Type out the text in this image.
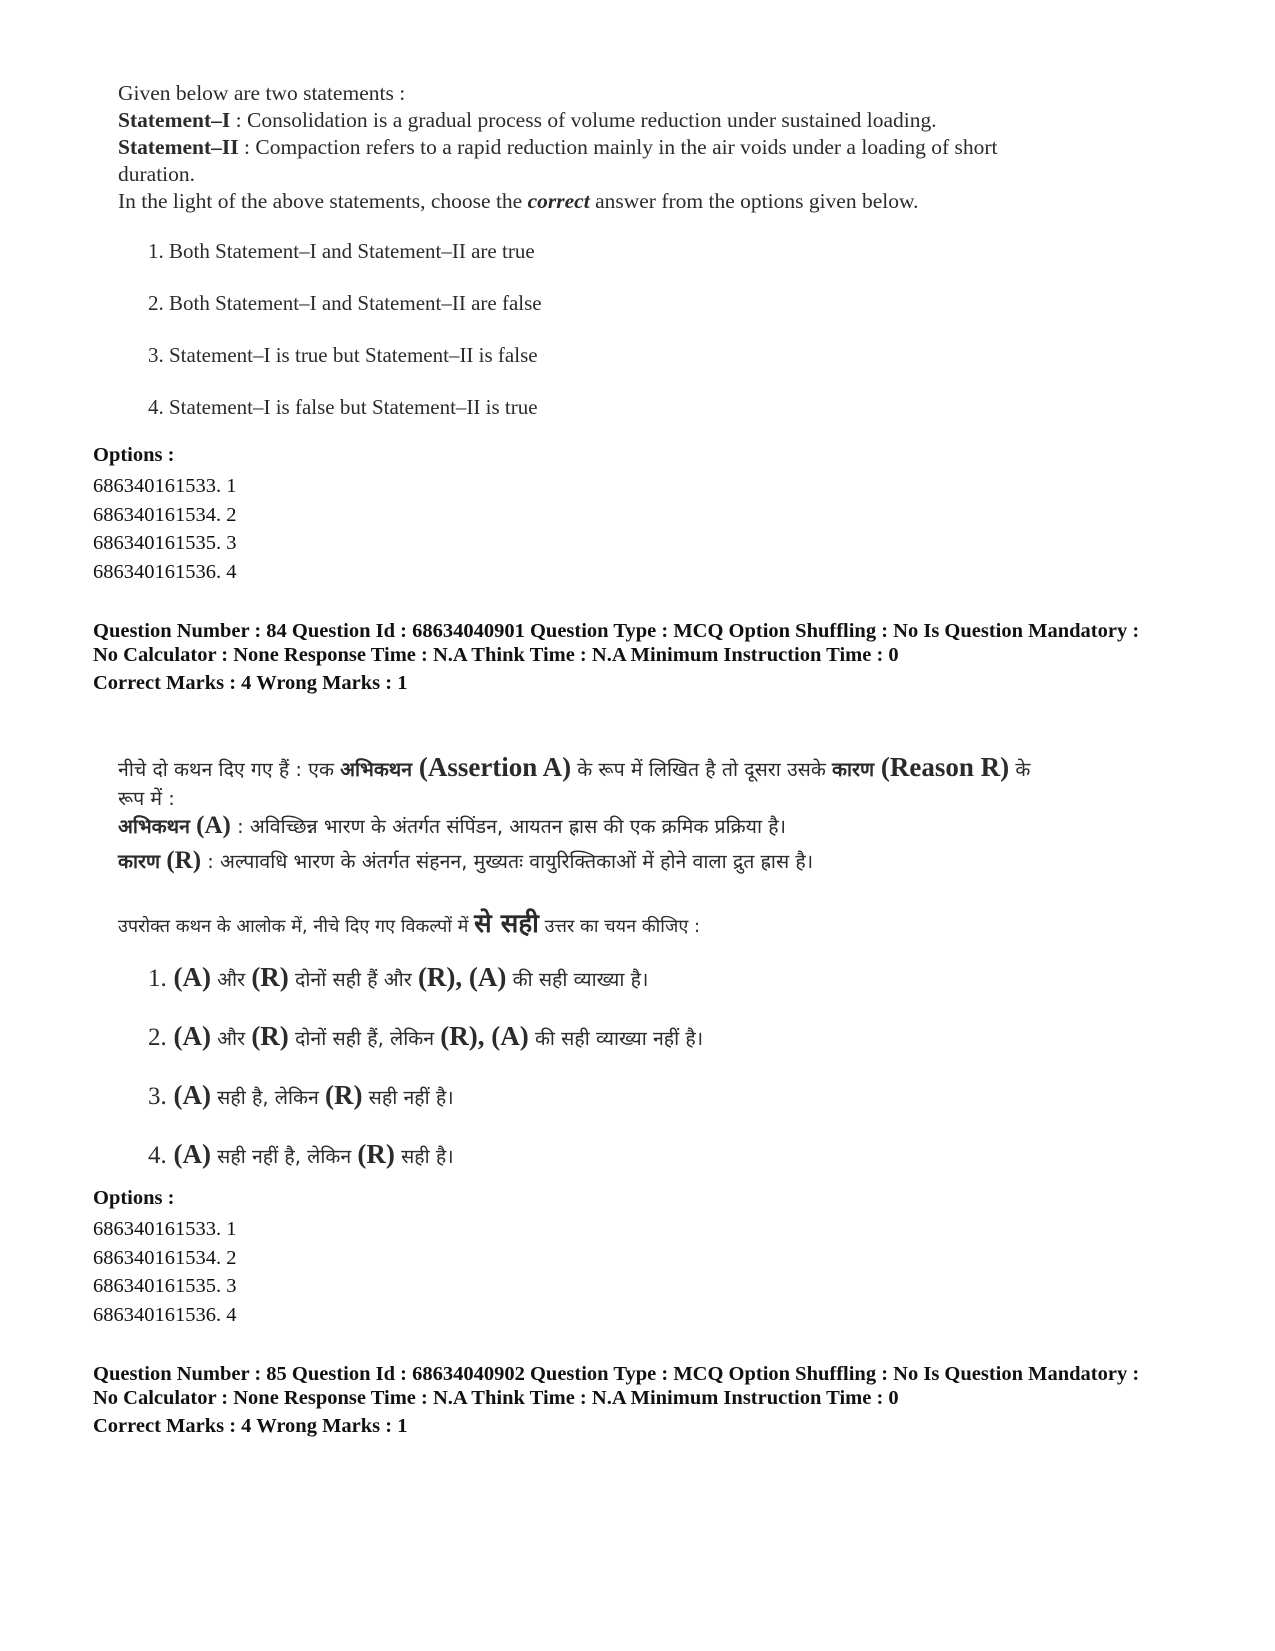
Given below are two statements :

Statement–I : Consolidation is a gradual process of volume reduction under sustained loading.

Statement–II : Compaction refers to a rapid reduction mainly in the air voids under a loading of short

duration.

In the light of the above statements, choose the correct answer from the options given below.

1. Both Statement–I and Statement–II are true
2. Both Statement–I and Statement–II are false
3. Statement–I is true but Statement–II is false
4. Statement–I is false but Statement–II is true
Options :
686340161533. 1
686340161534. 2
686340161535. 3
686340161536. 4
Question Number : 84 Question Id : 68634040901 Question Type : MCQ Option Shuffling : No Is Question Mandatory :
No Calculator : None Response Time : N.A Think Time : N.A Minimum Instruction Time : 0
Correct Marks : 4 Wrong Marks : 1
नीचे दो कथन दिए गए हैं : एक अभिकथन (Assertion A) के रूप में लिखित है तो दूसरा उसके कारण (Reason R) के
रूप में :
अभिकथन (A) : अविच्छिन्न भारण के अंतर्गत संपिंडन, आयतन ह्रास की एक क्रमिक प्रक्रिया है।
कारण (R) : अल्पावधि भारण के अंतर्गत संहनन, मुख्यतः वायुरिक्तिकाओं में होने वाला द्रुत ह्रास है।
उपरोक्त कथन के आलोक में, नीचे दिए गए विकल्पों में से सही उत्तर का चयन कीजिए :
1. (A) और (R) दोनों सही हैं और (R), (A) की सही व्याख्या है।
2. (A) और (R) दोनों सही हैं, लेकिन (R), (A) की सही व्याख्या नहीं है।
3. (A) सही है, लेकिन (R) सही नहीं है।
4. (A) सही नहीं है, लेकिन (R) सही है।
Options :
686340161533. 1
686340161534. 2
686340161535. 3
686340161536. 4
Question Number : 85 Question Id : 68634040902 Question Type : MCQ Option Shuffling : No Is Question Mandatory :
No Calculator : None Response Time : N.A Think Time : N.A Minimum Instruction Time : 0
Correct Marks : 4 Wrong Marks : 1
